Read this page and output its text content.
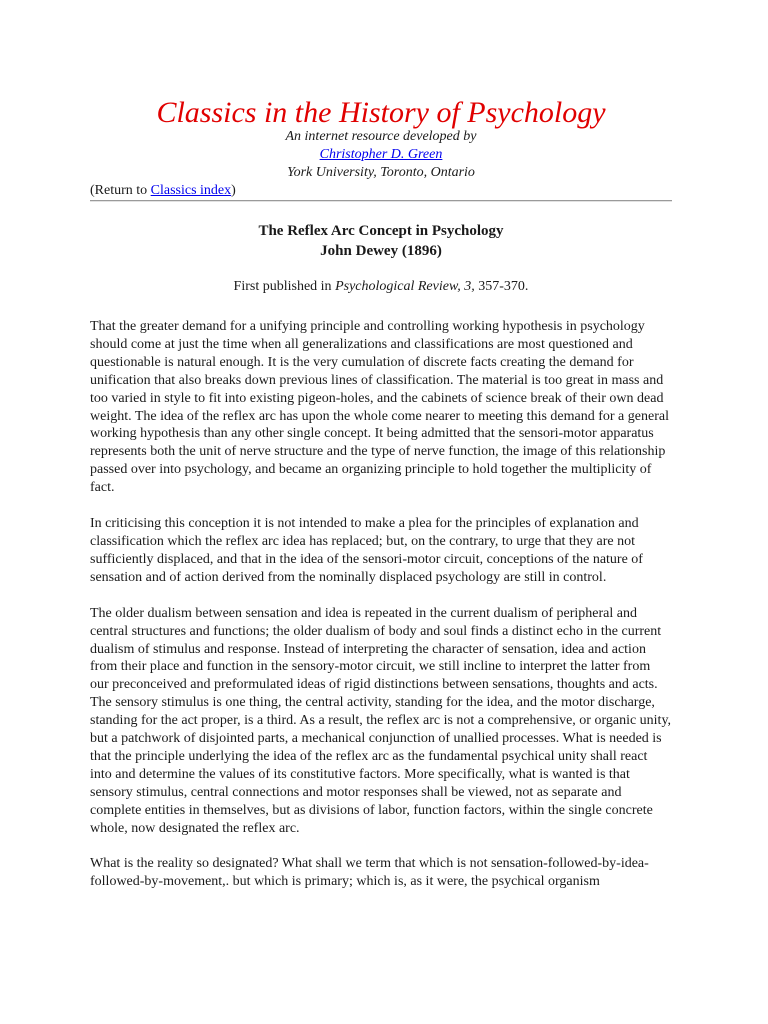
Classics in the History of Psychology
An internet resource developed by
Christopher D. Green
York University, Toronto, Ontario
(Return to Classics index)
The Reflex Arc Concept in Psychology
John Dewey (1896)
First published in Psychological Review, 3, 357-370.

That the greater demand for a unifying principle and controlling working hypothesis in psychology should come at just the time when all generalizations and classifications are most questioned and questionable is natural enough. It is the very cumulation of discrete facts creating the demand for unification that also breaks down previous lines of classification. The material is too great in mass and too varied in style to fit into existing pigeon-holes, and the cabinets of science break of their own dead weight. The idea of the reflex arc has upon the whole come nearer to meeting this demand for a general working hypothesis than any other single concept. It being admitted that the sensori-motor apparatus represents both the unit of nerve structure and the type of nerve function, the image of this relationship passed over into psychology, and became an organizing principle to hold together the multiplicity of fact.

In criticising this conception it is not intended to make a plea for the principles of explanation and classification which the reflex arc idea has replaced; but, on the contrary, to urge that they are not sufficiently displaced, and that in the idea of the sensori-motor circuit, conceptions of the nature of sensation and of action derived from the nominally displaced psychology are still in control.

The older dualism between sensation and idea is repeated in the current dualism of peripheral and central structures and functions; the older dualism of body and soul finds a distinct echo in the current dualism of stimulus and response. Instead of interpreting the character of sensation, idea and action from their place and function in the sensory-motor circuit, we still incline to interpret the latter from our preconceived and preformulated ideas of rigid distinctions between sensations, thoughts and acts. The sensory stimulus is one thing, the central activity, standing for the idea, and the motor discharge, standing for the act proper, is a third. As a result, the reflex arc is not a comprehensive, or organic unity, but a patchwork of disjointed parts, a mechanical conjunction of unallied processes. What is needed is that the principle underlying the idea of the reflex arc as the fundamental psychical unity shall react into and determine the values of its constitutive factors. More specifically, what is wanted is that sensory stimulus, central connections and motor responses shall be viewed, not as separate and complete entities in themselves, but as divisions of labor, function factors, within the single concrete whole, now designated the reflex arc.

What is the reality so designated? What shall we term that which is not sensation-followed-by-idea-followed-by-movement,. but which is primary; which is, as it were, the psychical organism
